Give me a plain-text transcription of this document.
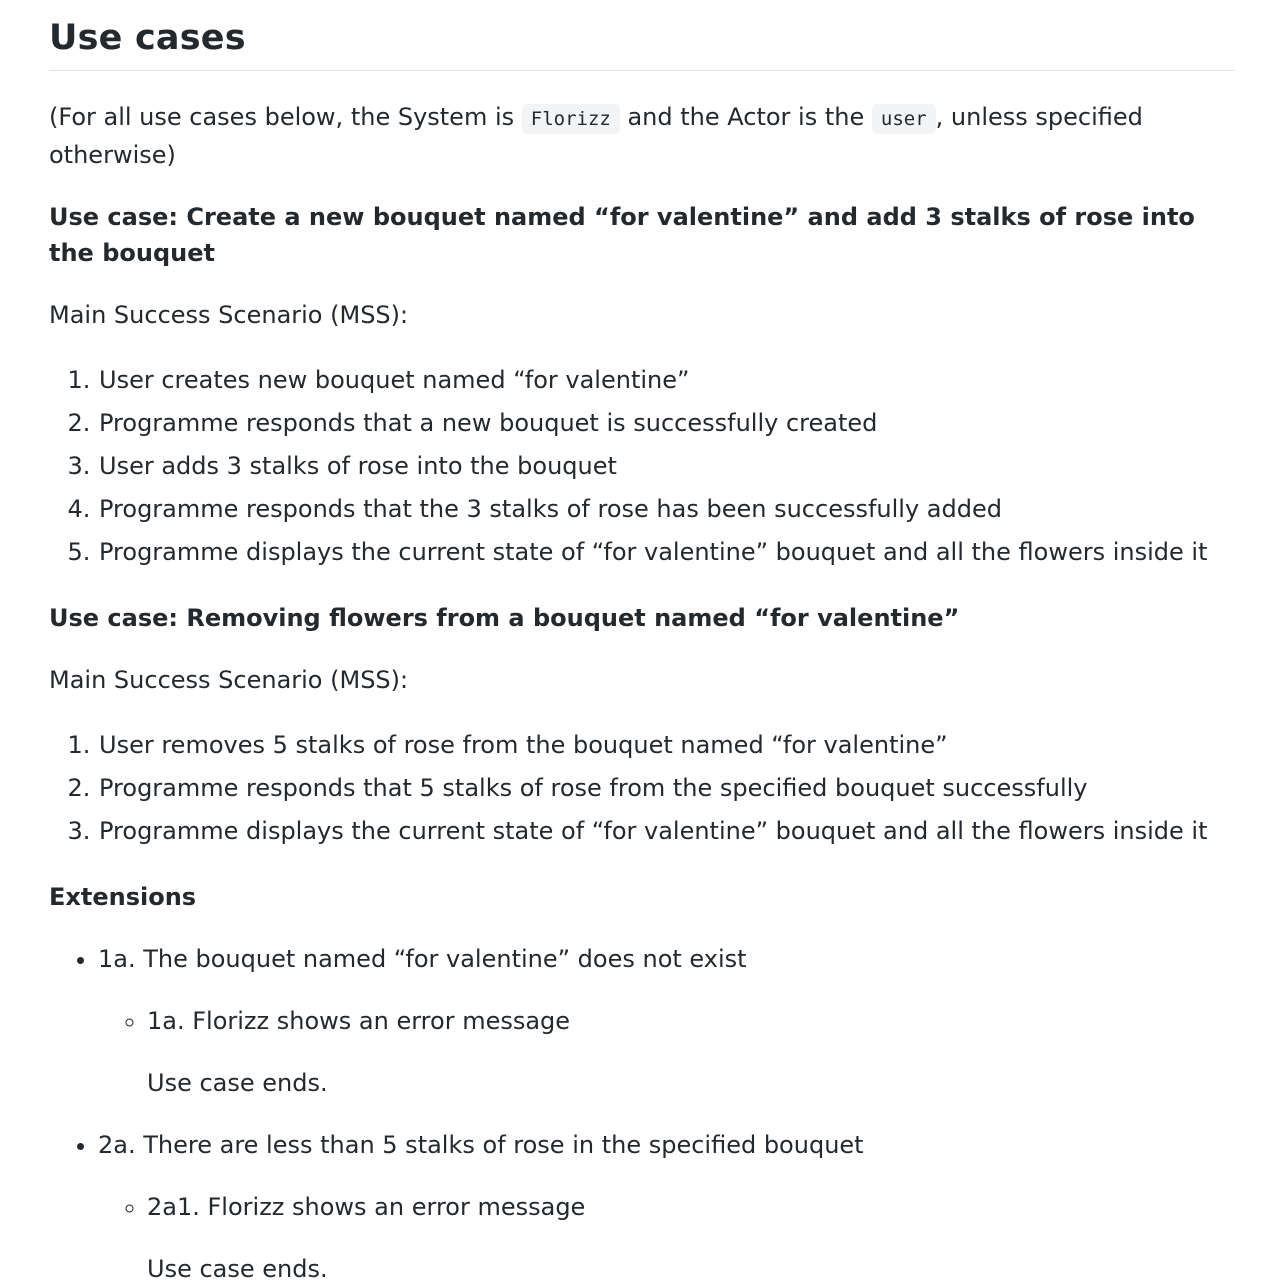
Use cases

(For all use cases below, the System is Florizz and the Actor is the user , unless specified otherwise)

Use case: Create a new bouquet named “for valentine” and add 3 stalks of rose into the bouquet

Main Success Scenario (MSS):

1. User creates new bouquet named “for valentine”
2. Programme responds that a new bouquet is successfully created
3. User adds 3 stalks of rose into the bouquet
4. Programme responds that the 3 stalks of rose has been successfully added
5. Programme displays the current state of “for valentine” bouquet and all the flowers inside it

Use case: Removing flowers from a bouquet named “for valentine”

Main Success Scenario (MSS):

1. User removes 5 stalks of rose from the bouquet named “for valentine”
2. Programme responds that 5 stalks of rose from the specified bouquet successfully
3. Programme displays the current state of “for valentine” bouquet and all the flowers inside it

Extensions

• 1a. The bouquet named “for valentine” does not exist
◦ 1a. Florizz shows an error message

Use case ends.

• 2a. There are less than 5 stalks of rose in the specified bouquet
◦ 2a1. Florizz shows an error message

Use case ends.
